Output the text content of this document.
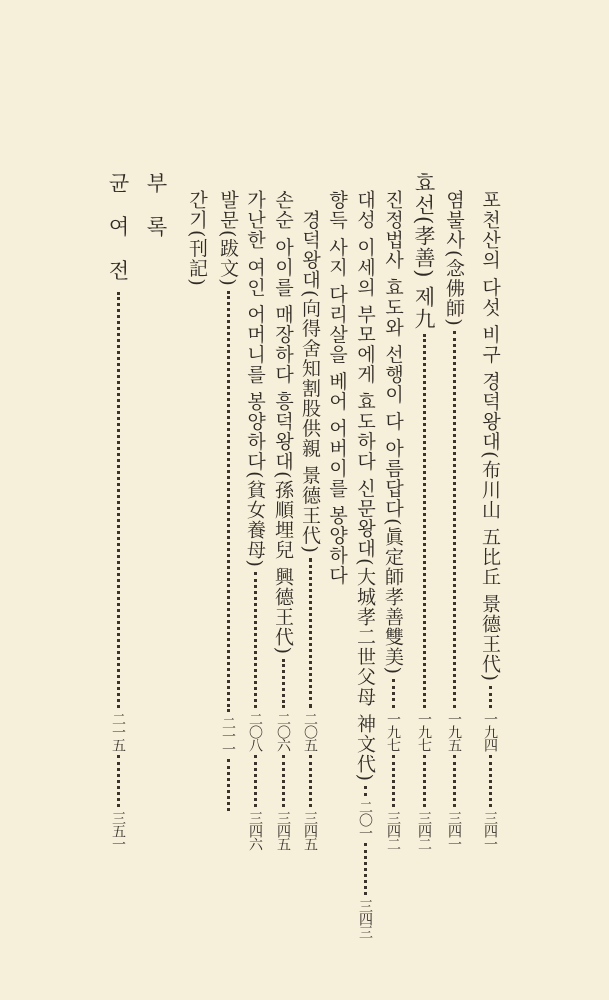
포천산의 다섯 비구 경덕왕대(布川山 五比丘 景德王代)
一九四
三四一
염불사(念佛師)
一九五
三四一
효선(孝善) 제九
一九七
三四二
진정법사 효도와 선행이 다 아름답다(眞定師孝善雙美)
一九七
三四二
대성 이세의 부모에게 효도하다 신문왕대(大城孝二世父母 神文代)
二〇一
三四三
향득 사지 다리살을 베어 어버이를 봉양하다
경덕왕대(向得舍知割股供親 景德王代)
二〇五
三四五
손순 아이를 매장하다 흥덕왕대(孫順埋兒 興德王代)
二〇六
三四五
가난한 여인 어머니를 봉양하다(貧女養母)
二〇八
三四六
발문(跋文)
二一一
간기(刊記)
부 록
균 여 전
二一五
三五一
